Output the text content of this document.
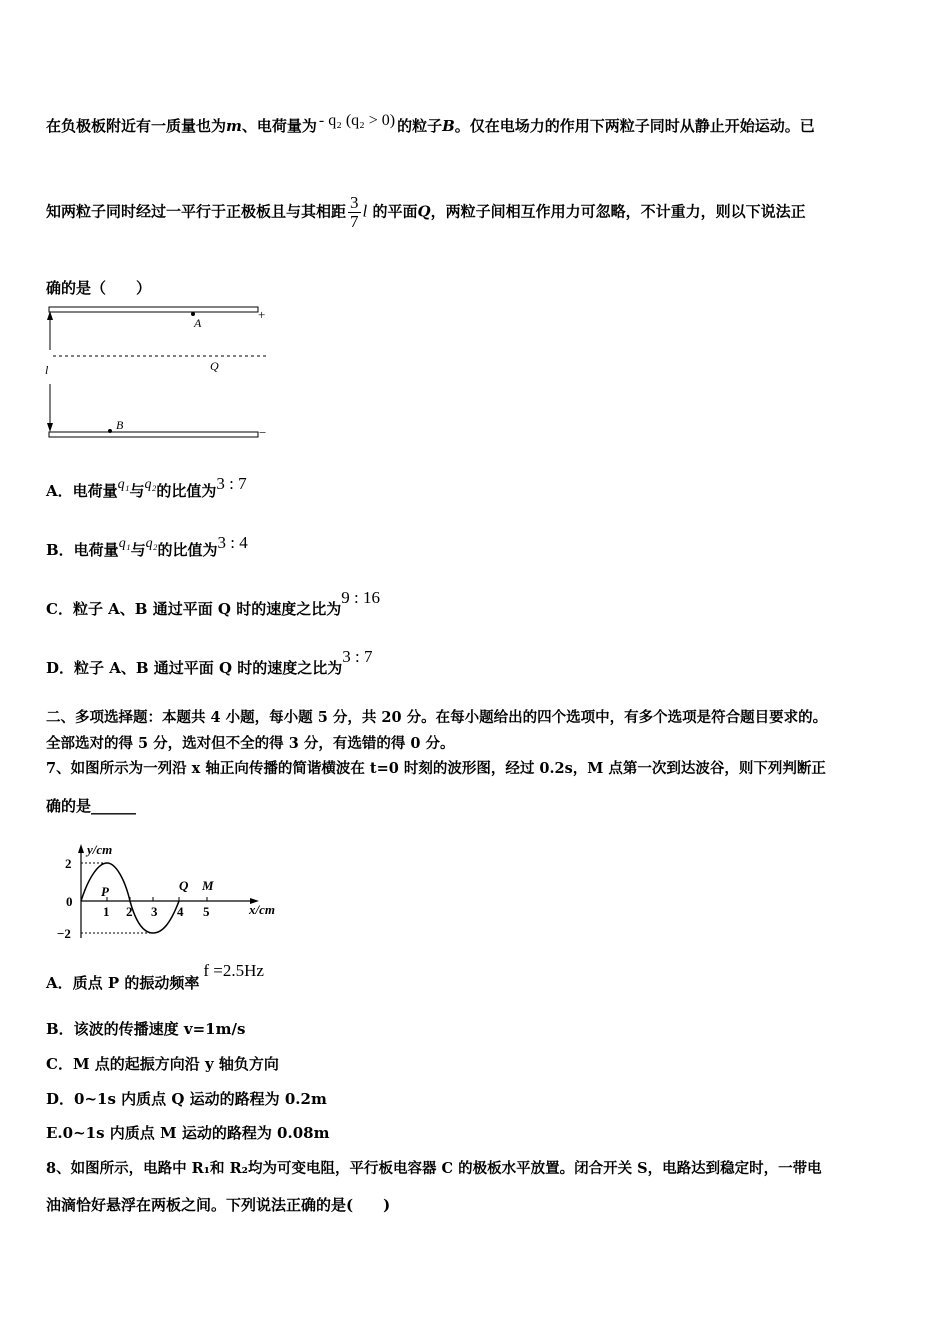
在负极板附近有一质量也为m、电荷量为 - q₂ (q₂ > 0) 的粒子B。仅在电场力的作用下两粒子同时从静止开始运动。已
知两粒子同时经过一平行于正极板且与其相距 $\frac{3}{7}$ l 的平面Q，两粒子间相互作用力可忽略，不计重力，则以下说法正
确的是（　　）
+
A
Q
l
−
B
A．电荷量q₁与q₂的比值为3 : 7
B．电荷量q₁与q₂的比值为3 : 4
C．粒子 A、B 通过平面 Q 时的速度之比为9 : 16
D．粒子 A、B 通过平面 Q 时的速度之比为3 : 7
二、多项选择题：本题共 4 小题，每小题 5 分，共 20 分。在每小题给出的四个选项中，有多个选项是符合题目要求的。
全部选对的得 5 分，选对但不全的得 3 分，有选错的得 0 分。
7、如图所示为一列沿 x 轴正向传播的简谐横波在 t=0 时刻的波形图，经过 0.2s，M 点第一次到达波谷，则下列判断正
确的是______
y/cm
x/cm
2
0
−2
1 2 3 4 5
P	Q M
A．质点 P 的振动频率f =2.5Hz
B．该波的传播速度 v=1m/s
C．M 点的起振方向沿 y 轴负方向
D．0~1s 内质点 Q 运动的路程为 0.2m
E.0~1s 内质点 M 运动的路程为 0.08m
8、如图所示，电路中 R₁和 R₂均为可变电阻，平行板电容器 C 的极板水平放置。闭合开关 S，电路达到稳定时，一带电
油滴恰好悬浮在两板之间。下列说法正确的是(　　)
